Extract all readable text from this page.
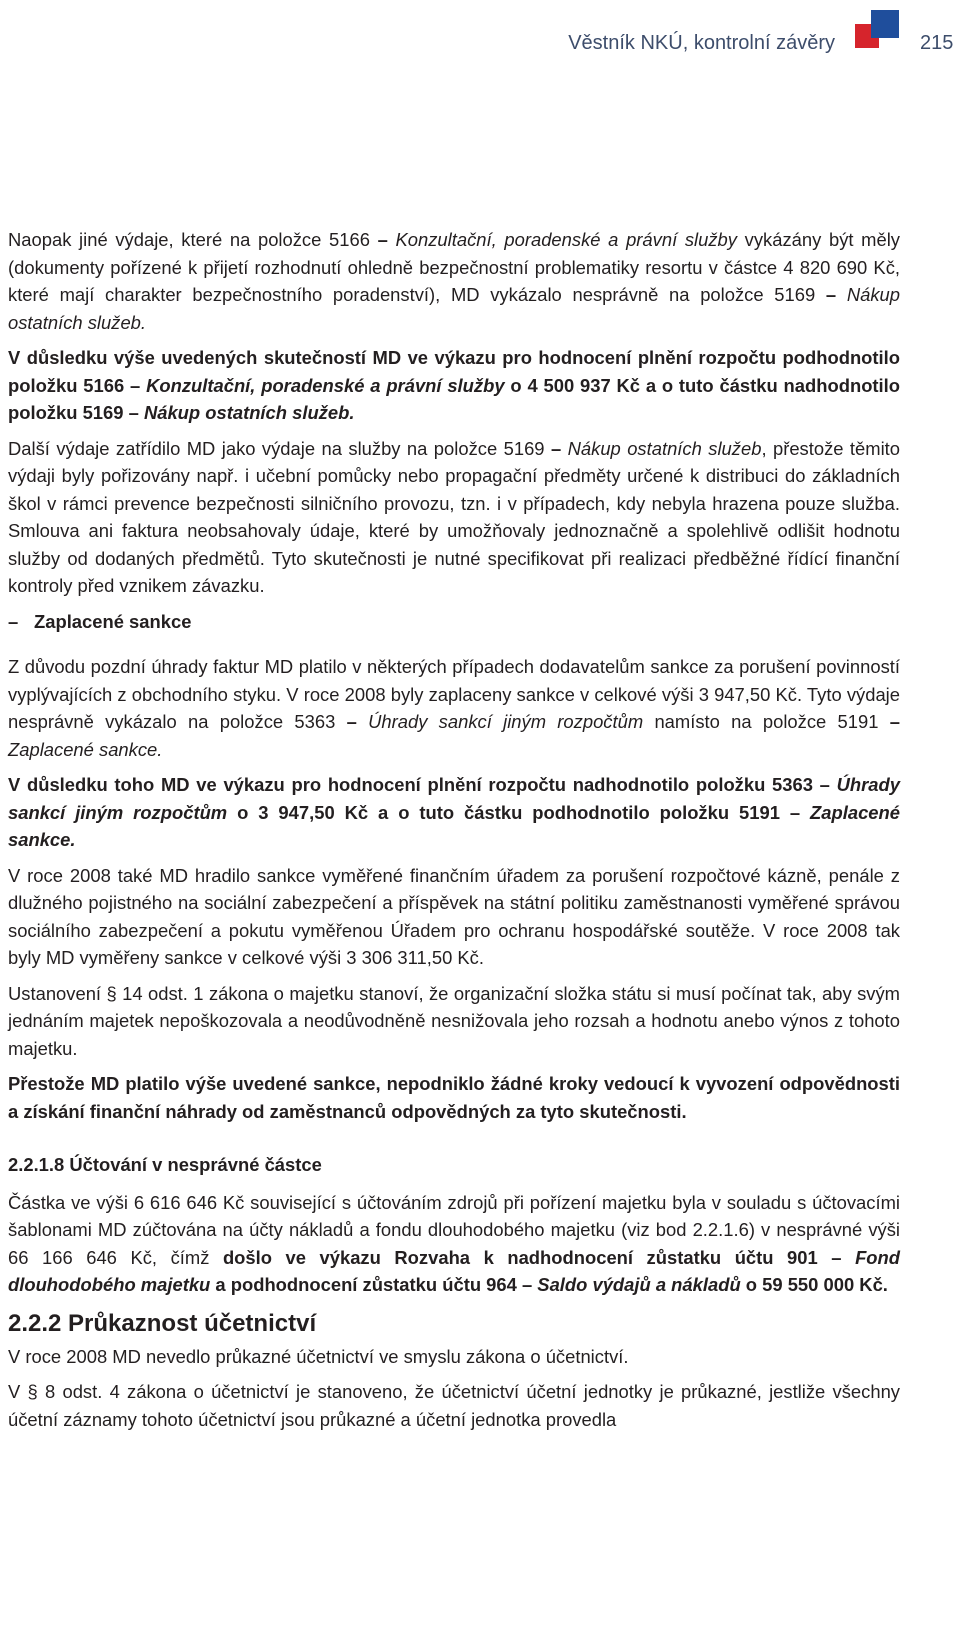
Věstník NKÚ, kontrolní závěry	215

Naopak jiné výdaje, které na položce 5166 – Konzultační, poradenské a právní služby vykázány být měly (dokumenty pořízené k přijetí rozhodnutí ohledně bezpečnostní problematiky resortu v částce 4 820 690 Kč, které mají charakter bezpečnostního poradenství), MD vykázalo nesprávně na položce 5169 – Nákup ostatních služeb.

V důsledku výše uvedených skutečností MD ve výkazu pro hodnocení plnění rozpočtu podhodnotilo položku 5166 – Konzultační, poradenské a právní služby o 4 500 937 Kč a o tuto částku nadhodnotilo položku 5169 – Nákup ostatních služeb.

Další výdaje zatřídilo MD jako výdaje na služby na položce 5169 – Nákup ostatních služeb, přestože těmito výdaji byly pořizovány např. i učební pomůcky nebo propagační předměty určené k distribuci do základních škol v rámci prevence bezpečnosti silničního provozu, tzn. i v případech, kdy nebyla hrazena pouze služba. Smlouva ani faktura neobsahovaly údaje, které by umožňovaly jednoznačně a spolehlivě odlišit hodnotu služby od dodaných předmětů. Tyto skutečnosti je nutné specifikovat při realizaci předběžné řídící finanční kontroly před vznikem závazku.

– Zaplacené sankce

Z důvodu pozdní úhrady faktur MD platilo v některých případech dodavatelům sankce za porušení povinností vyplývajících z obchodního styku. V roce 2008 byly zaplaceny sankce v celkové výši 3 947,50 Kč. Tyto výdaje nesprávně vykázalo na položce 5363 – Úhrady sankcí jiným rozpočtům namísto na položce 5191 – Zaplacené sankce.

V důsledku toho MD ve výkazu pro hodnocení plnění rozpočtu nadhodnotilo položku 5363 – Úhrady sankcí jiným rozpočtům o 3 947,50 Kč a o tuto částku podhodnotilo položku 5191 – Zaplacené sankce.

V roce 2008 také MD hradilo sankce vyměřené finančním úřadem za porušení rozpočtové kázně, penále z dlužného pojistného na sociální zabezpečení a příspěvek na státní politiku zaměstnanosti vyměřené správou sociálního zabezpečení a pokutu vyměřenou Úřadem pro ochranu hospodářské soutěže. V roce 2008 tak byly MD vyměřeny sankce v celkové výši 3 306 311,50 Kč.

Ustanovení § 14 odst. 1 zákona o majetku stanoví, že organizační složka státu si musí počínat tak, aby svým jednáním majetek nepoškozovala a neodůvodněně nesnižovala jeho rozsah a hodnotu anebo výnos z tohoto majetku.

Přestože MD platilo výše uvedené sankce, nepodniklo žádné kroky vedoucí k vyvození odpovědnosti a získání finanční náhrady od zaměstnanců odpovědných za tyto skutečnosti.

2.2.1.8 Účtování v nesprávné částce

Částka ve výši 6 616 646 Kč související s účtováním zdrojů při pořízení majetku byla v souladu s účtovacími šablonami MD zúčtována na účty nákladů a fondu dlouhodobého majetku (viz bod 2.2.1.6) v nesprávné výši 66 166 646 Kč, čímž došlo ve výkazu Rozvaha k nadhodnocení zůstatku účtu 901 – Fond dlouhodobého majetku a podhodnocení zůstatku účtu 964 – Saldo výdajů a nákladů o 59 550 000 Kč.

2.2.2 Průkaznost účetnictví

V roce 2008 MD nevedlo průkazné účetnictví ve smyslu zákona o účetnictví.

V § 8 odst. 4 zákona o účetnictví je stanoveno, že účetnictví účetní jednotky je průkazné, jestliže všechny účetní záznamy tohoto účetnictví jsou průkazné a účetní jednotka provedla
